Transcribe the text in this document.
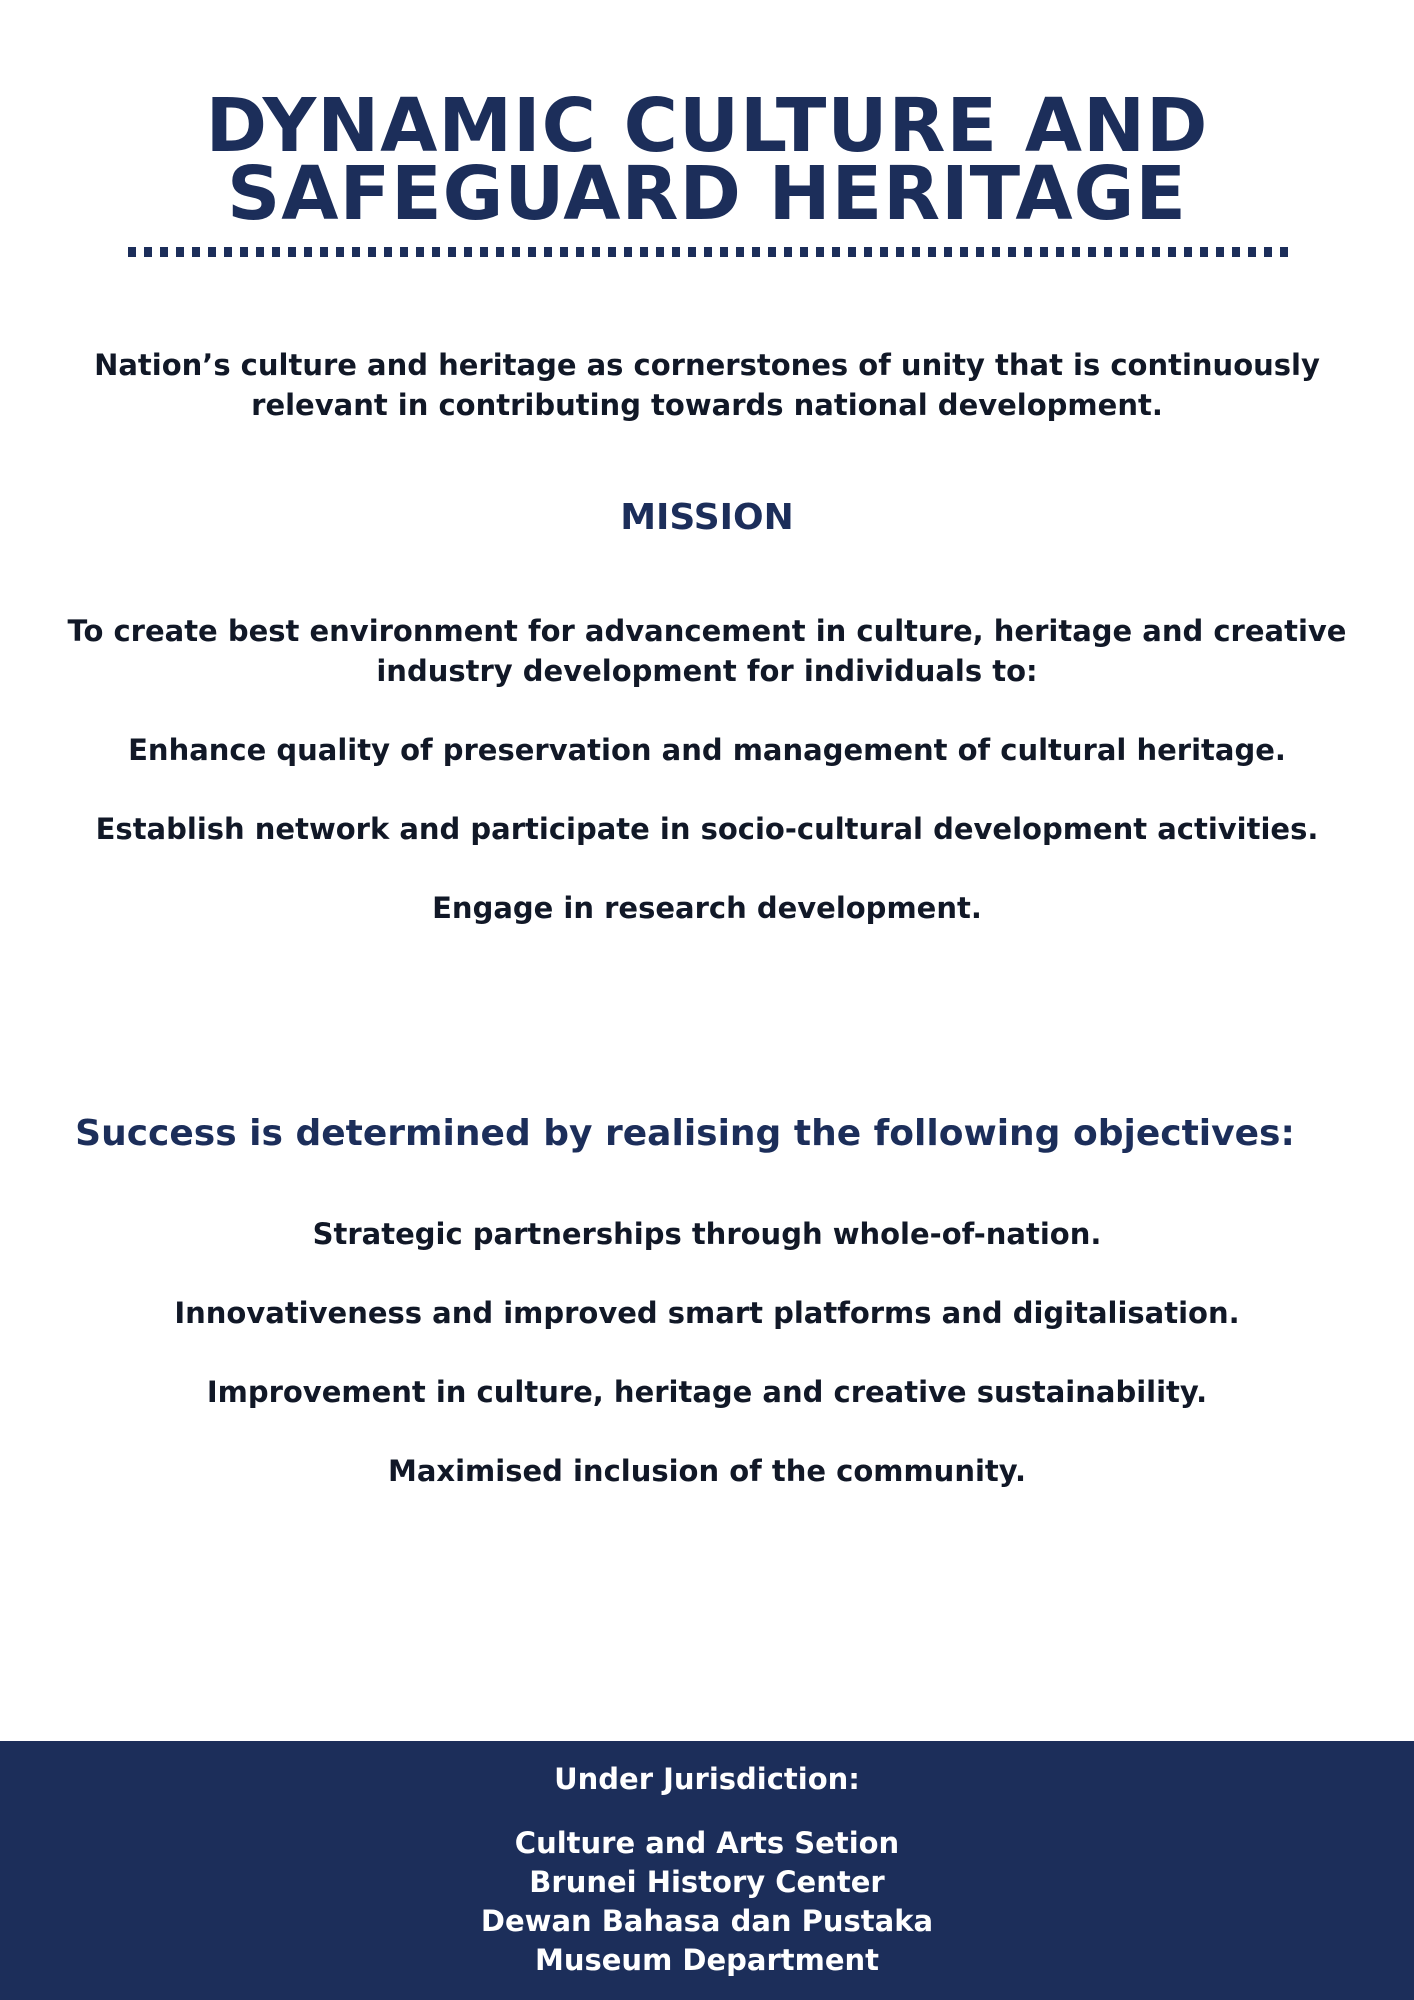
DYNAMIC CULTURE AND
SAFEGUARD HERITAGE

Nation’s culture and heritage as cornerstones of unity that is continuously relevant in contributing towards national development.

MISSION

To create best environment for advancement in culture, heritage and creative industry development for individuals to:

Enhance quality of preservation and management of cultural heritage.
Establish network and participate in socio-cultural development activities.
Engage in research development.
Success is determined by realising the following objectives:
Strategic partnerships through whole-of-nation.
Innovativeness and improved smart platforms and digitalisation.
Improvement in culture, heritage and creative sustainability.
Maximised inclusion of the community.
Under Jurisdiction:
Culture and Arts Setion
Brunei History Center
Dewan Bahasa dan Pustaka
Museum Department
